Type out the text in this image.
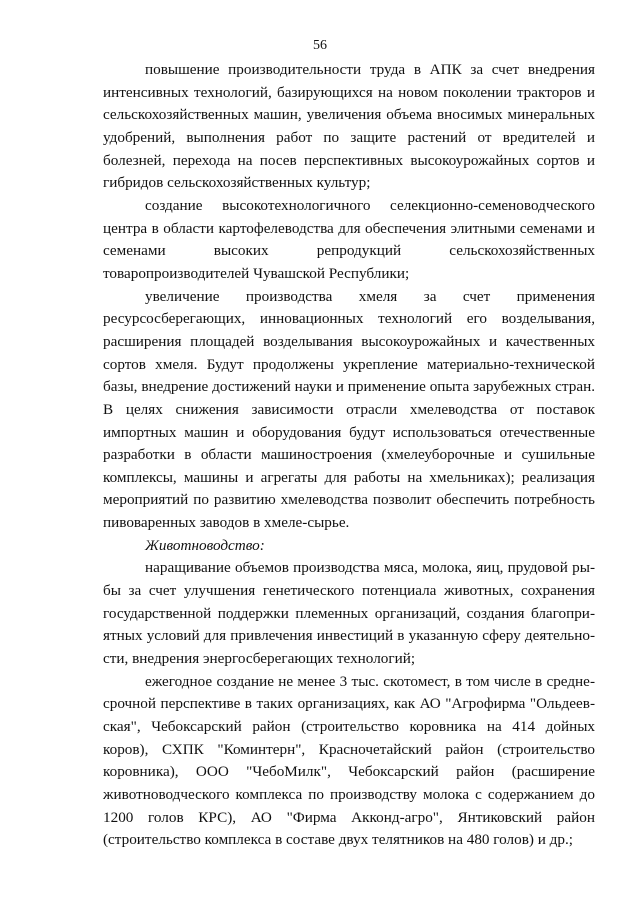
56

повышение производительности труда в АПК за счет внедрения интенсивных технологий, базирующихся на новом поколении тракторов и сельскохозяйственных машин, увеличения объема вносимых минеральных удобрений, выполнения работ по защите растений от вредителей и болезней, перехода на посев перспективных высокоурожайных сортов и гибридов сельскохозяйственных культур;

создание высокотехнологичного селекционно-семеноводческого центра в области картофелеводства для обеспечения элитными семенами и семенами высоких репродукций сельскохозяйственных товаропроизводителей Чувашской Республики;

увеличение производства хмеля за счет применения ресурсосберегающих, инновационных технологий его возделывания, расширения площадей возделывания высокоурожайных и качественных сортов хмеля. Будут продолжены укрепление материально-технической базы, внедрение достижений науки и применение опыта зарубежных стран. В целях снижения зависимости отрасли хмелеводства от поставок импортных машин и оборудования будут использоваться отечественные разработки в области машиностроения (хмелеуборочные и сушильные комплексы, машины и агрегаты для работы на хмельниках); реализация мероприятий по развитию хмелеводства позволит обеспечить потребность пивоваренных заводов в хмеле-сырье.

Животноводство:

наращивание объемов производства мяса, молока, яиц, прудовой рыбы за счет улучшения генетического потенциала животных, сохранения государственной поддержки племенных организаций, создания благоприятных условий для привлечения инвестиций в указанную сферу деятельности, внедрения энергосберегающих технологий;

ежегодное создание не менее 3 тыс. скотомест, в том числе в среднесрочной перспективе в таких организациях, как АО "Агрофирма "Ольдеевская", Чебоксарский район (строительство коровника на 414 дойных коров), СХПК "Коминтерн", Красночетайский район (строительство коровника), ООО "ЧебоМилк", Чебоксарский район (расширение животноводческого комплекса по производству молока с содержанием до 1200 голов КРС), АО "Фирма Акконд-агро", Янтиковский район (строительство комплекса в составе двух телятников на 480 голов) и др.;
